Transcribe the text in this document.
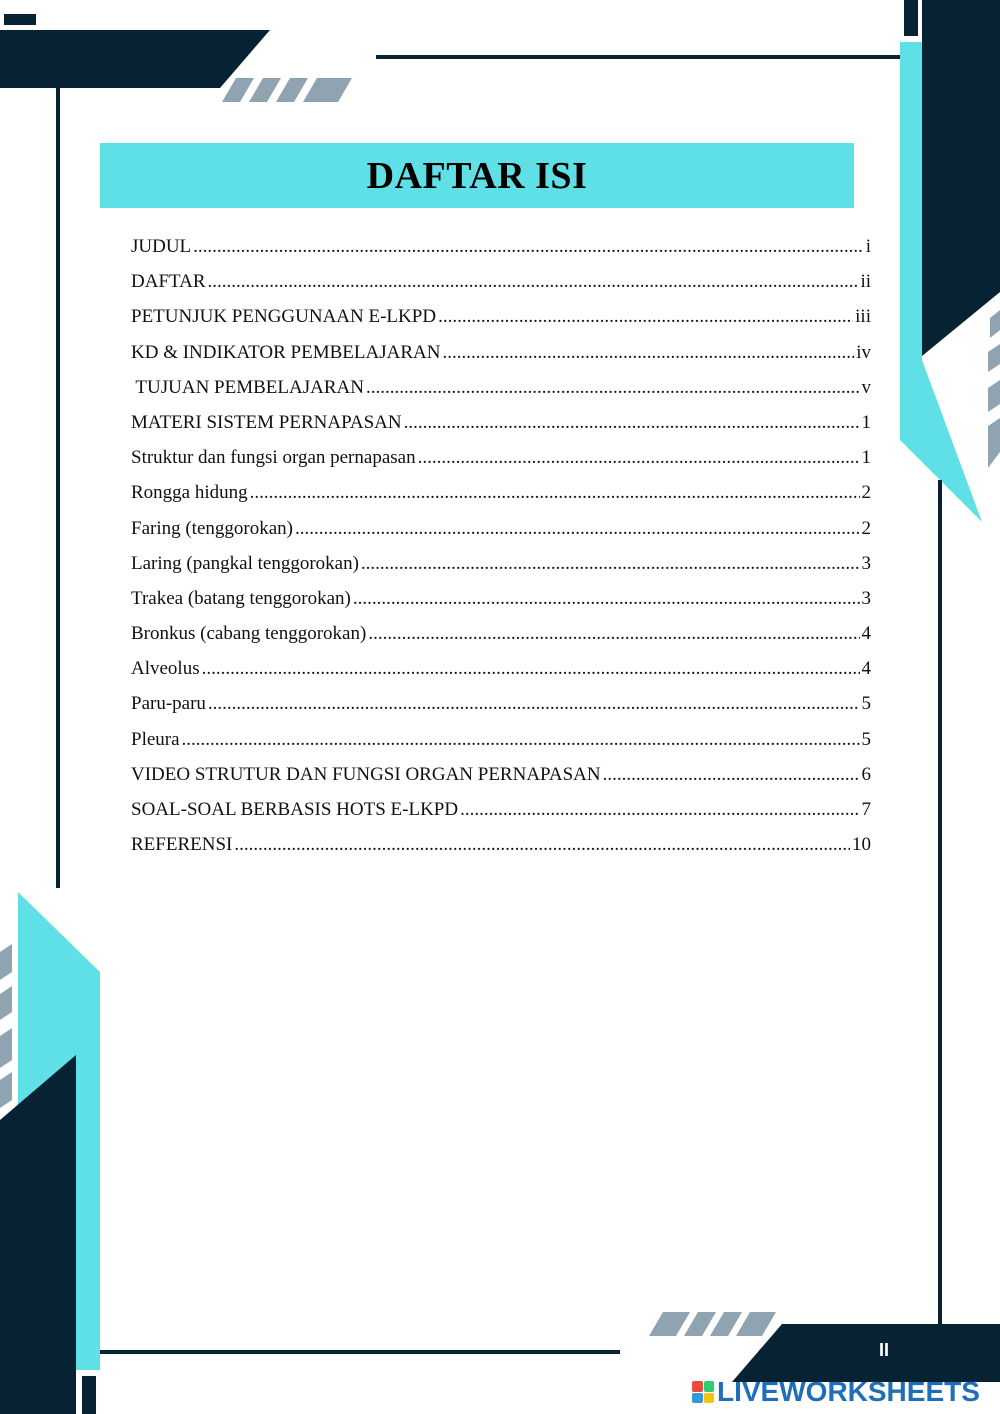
DAFTAR ISI
JUDUL .....	i
DAFTAR .....	ii
PETUNJUK PENGGUNAAN E-LKPD .....	iii
KD & INDIKATOR PEMBELAJARAN .....	iv
TUJUAN PEMBELAJARAN .....	v
MATERI SISTEM PERNAPASAN .....	1
Struktur dan fungsi organ pernapasan .....	1
Rongga hidung .....	2
Faring (tenggorokan) .....	2
Laring (pangkal tenggorokan) .....	3
Trakea (batang tenggorokan) .....	3
Bronkus (cabang tenggorokan) .....	4
Alveolus .....	4
Paru-paru .....	5
Pleura .....	5
VIDEO STRUTUR DAN FUNGSI ORGAN PERNAPASAN .....	6
SOAL-SOAL BERBASIS HOTS E-LKPD .....	7
REFERENSI .....	10
II
LIVEWORKSHEETS
